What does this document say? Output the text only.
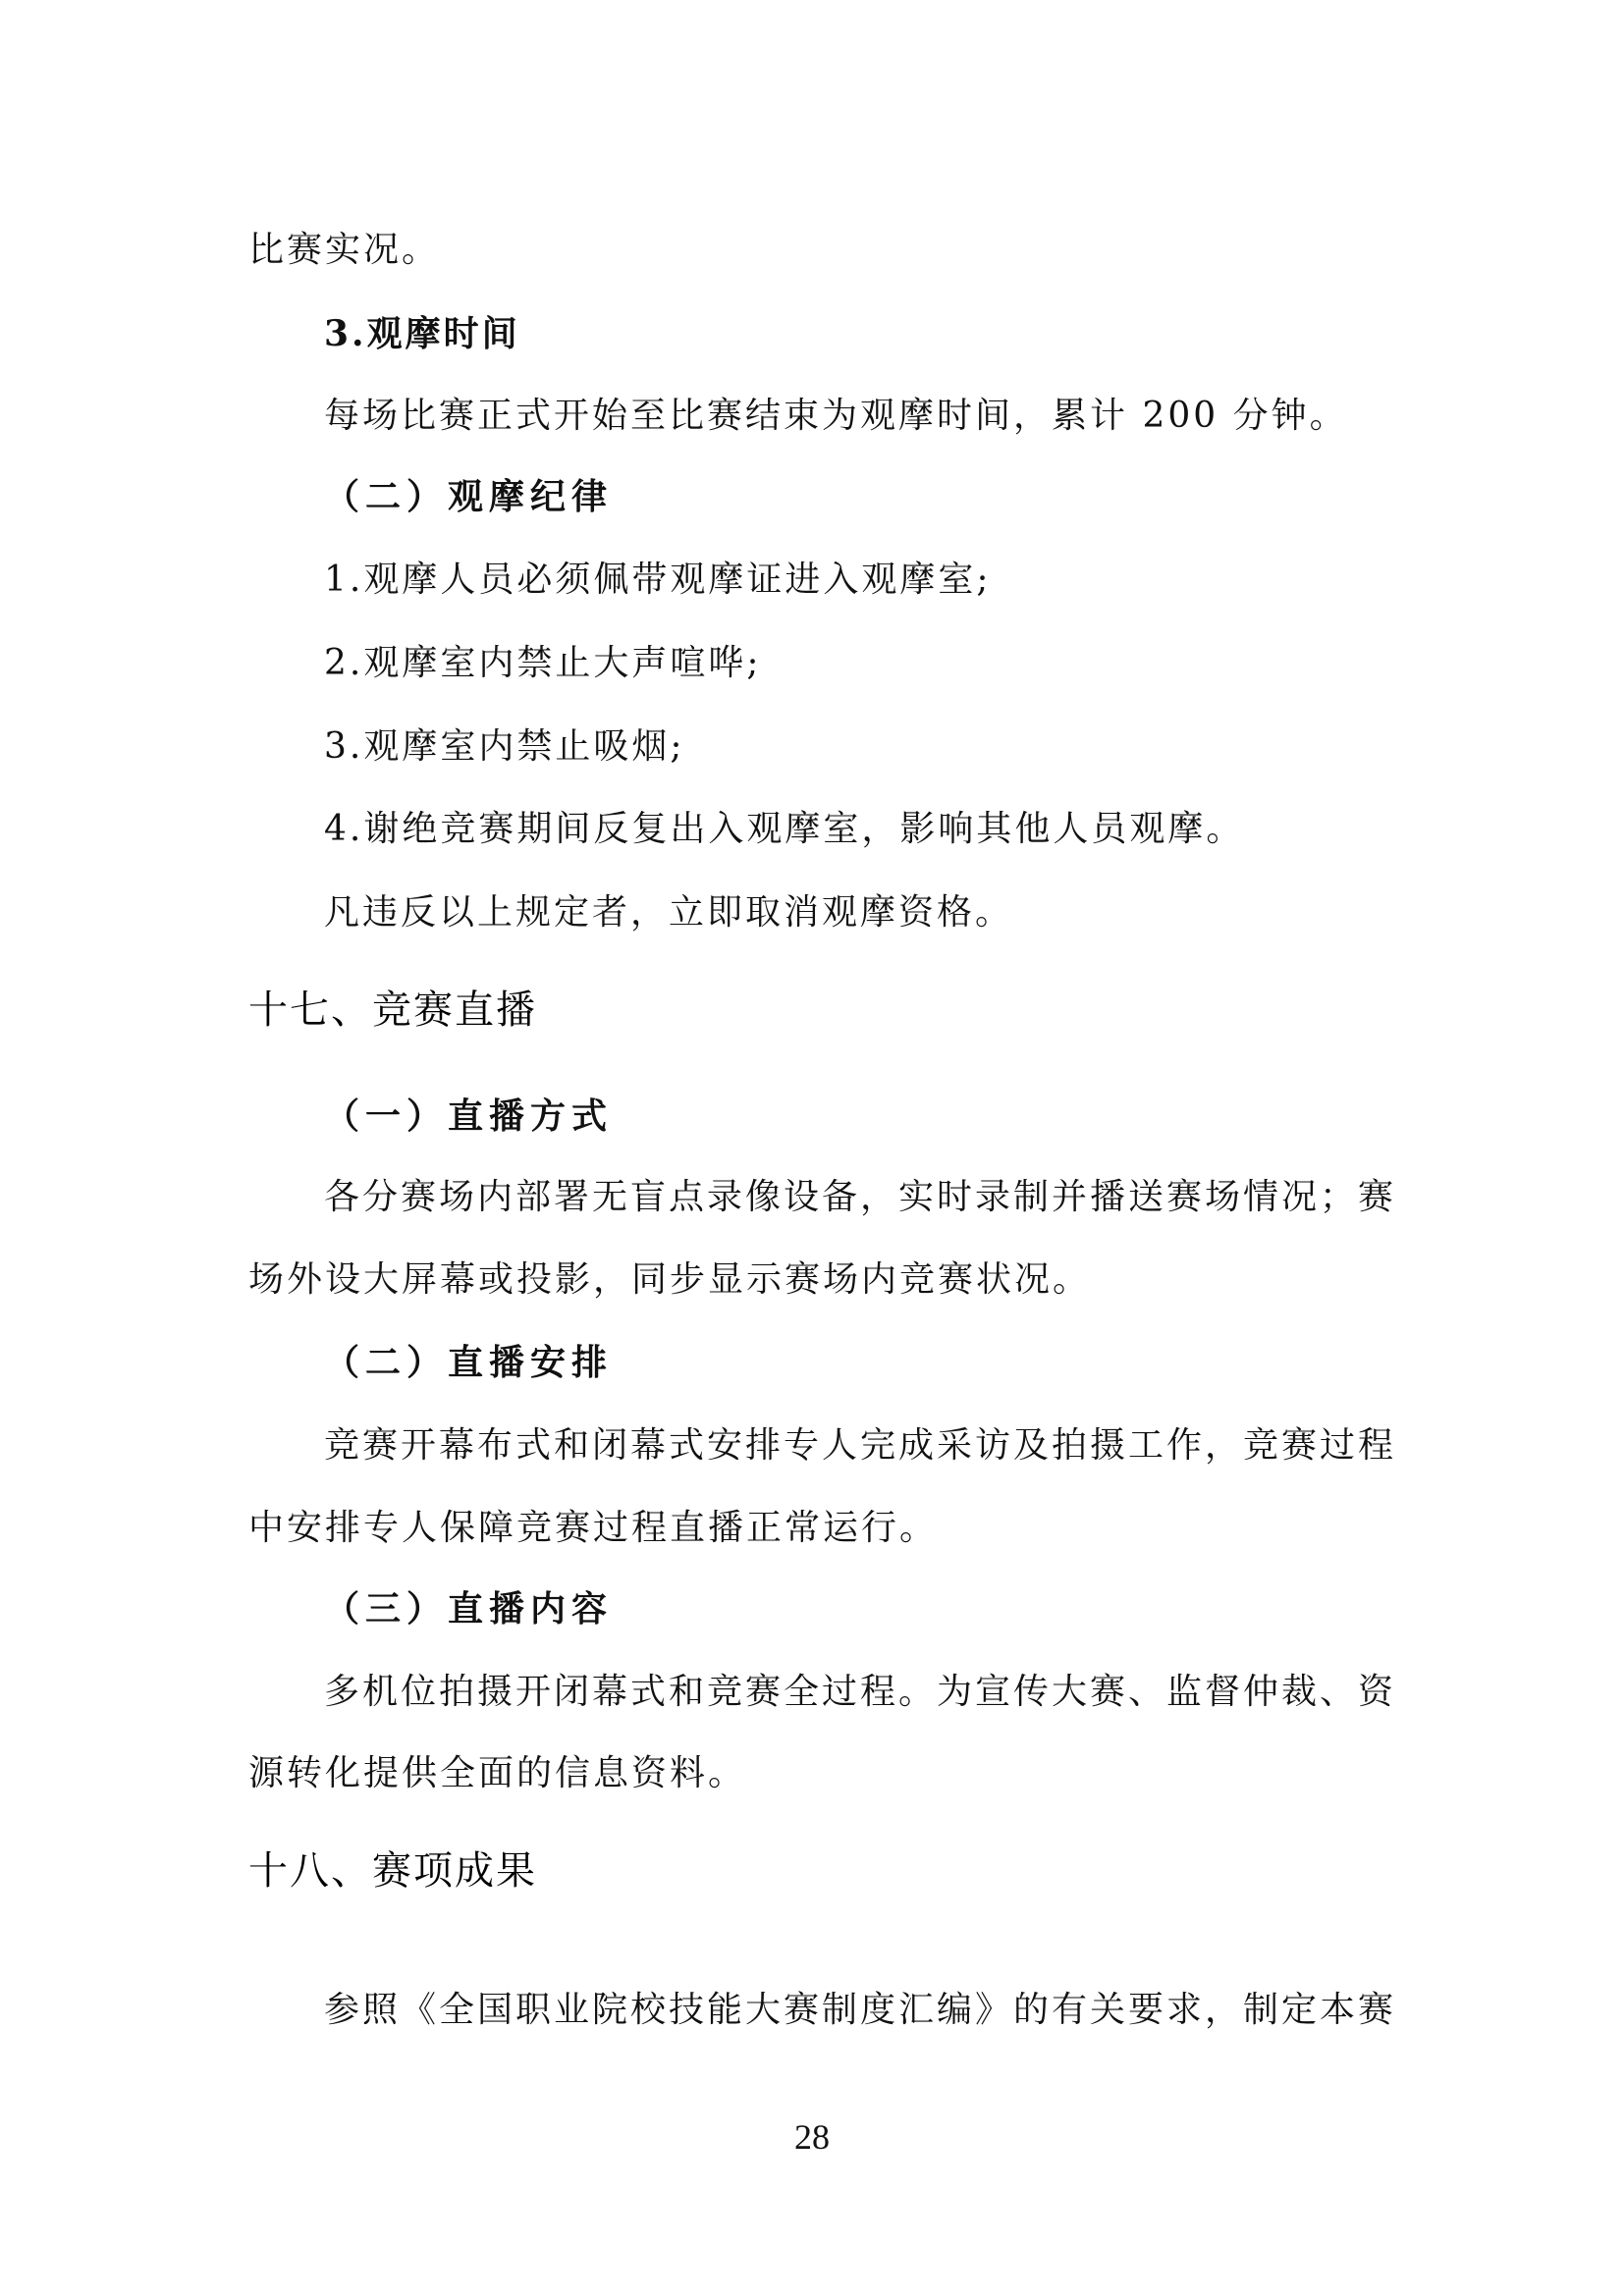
比赛实况。
3.观摩时间
每场比赛正式开始至比赛结束为观摩时间，累计 200 分钟。
（二）观摩纪律
1.观摩人员必须佩带观摩证进入观摩室;
2.观摩室内禁止大声喧哗;
3.观摩室内禁止吸烟;
4.谢绝竞赛期间反复出入观摩室，影响其他人员观摩。
凡违反以上规定者，立即取消观摩资格。
十七、竞赛直播
（一）直播方式
各分赛场内部署无盲点录像设备，实时录制并播送赛场情况；赛
场外设大屏幕或投影，同步显示赛场内竞赛状况。
（二）直播安排
竞赛开幕布式和闭幕式安排专人完成采访及拍摄工作，竞赛过程
中安排专人保障竞赛过程直播正常运行。
（三）直播内容
多机位拍摄开闭幕式和竞赛全过程。为宣传大赛、监督仲裁、资
源转化提供全面的信息资料。
十八、赛项成果
参照《全国职业院校技能大赛制度汇编》的有关要求，制定本赛
28
